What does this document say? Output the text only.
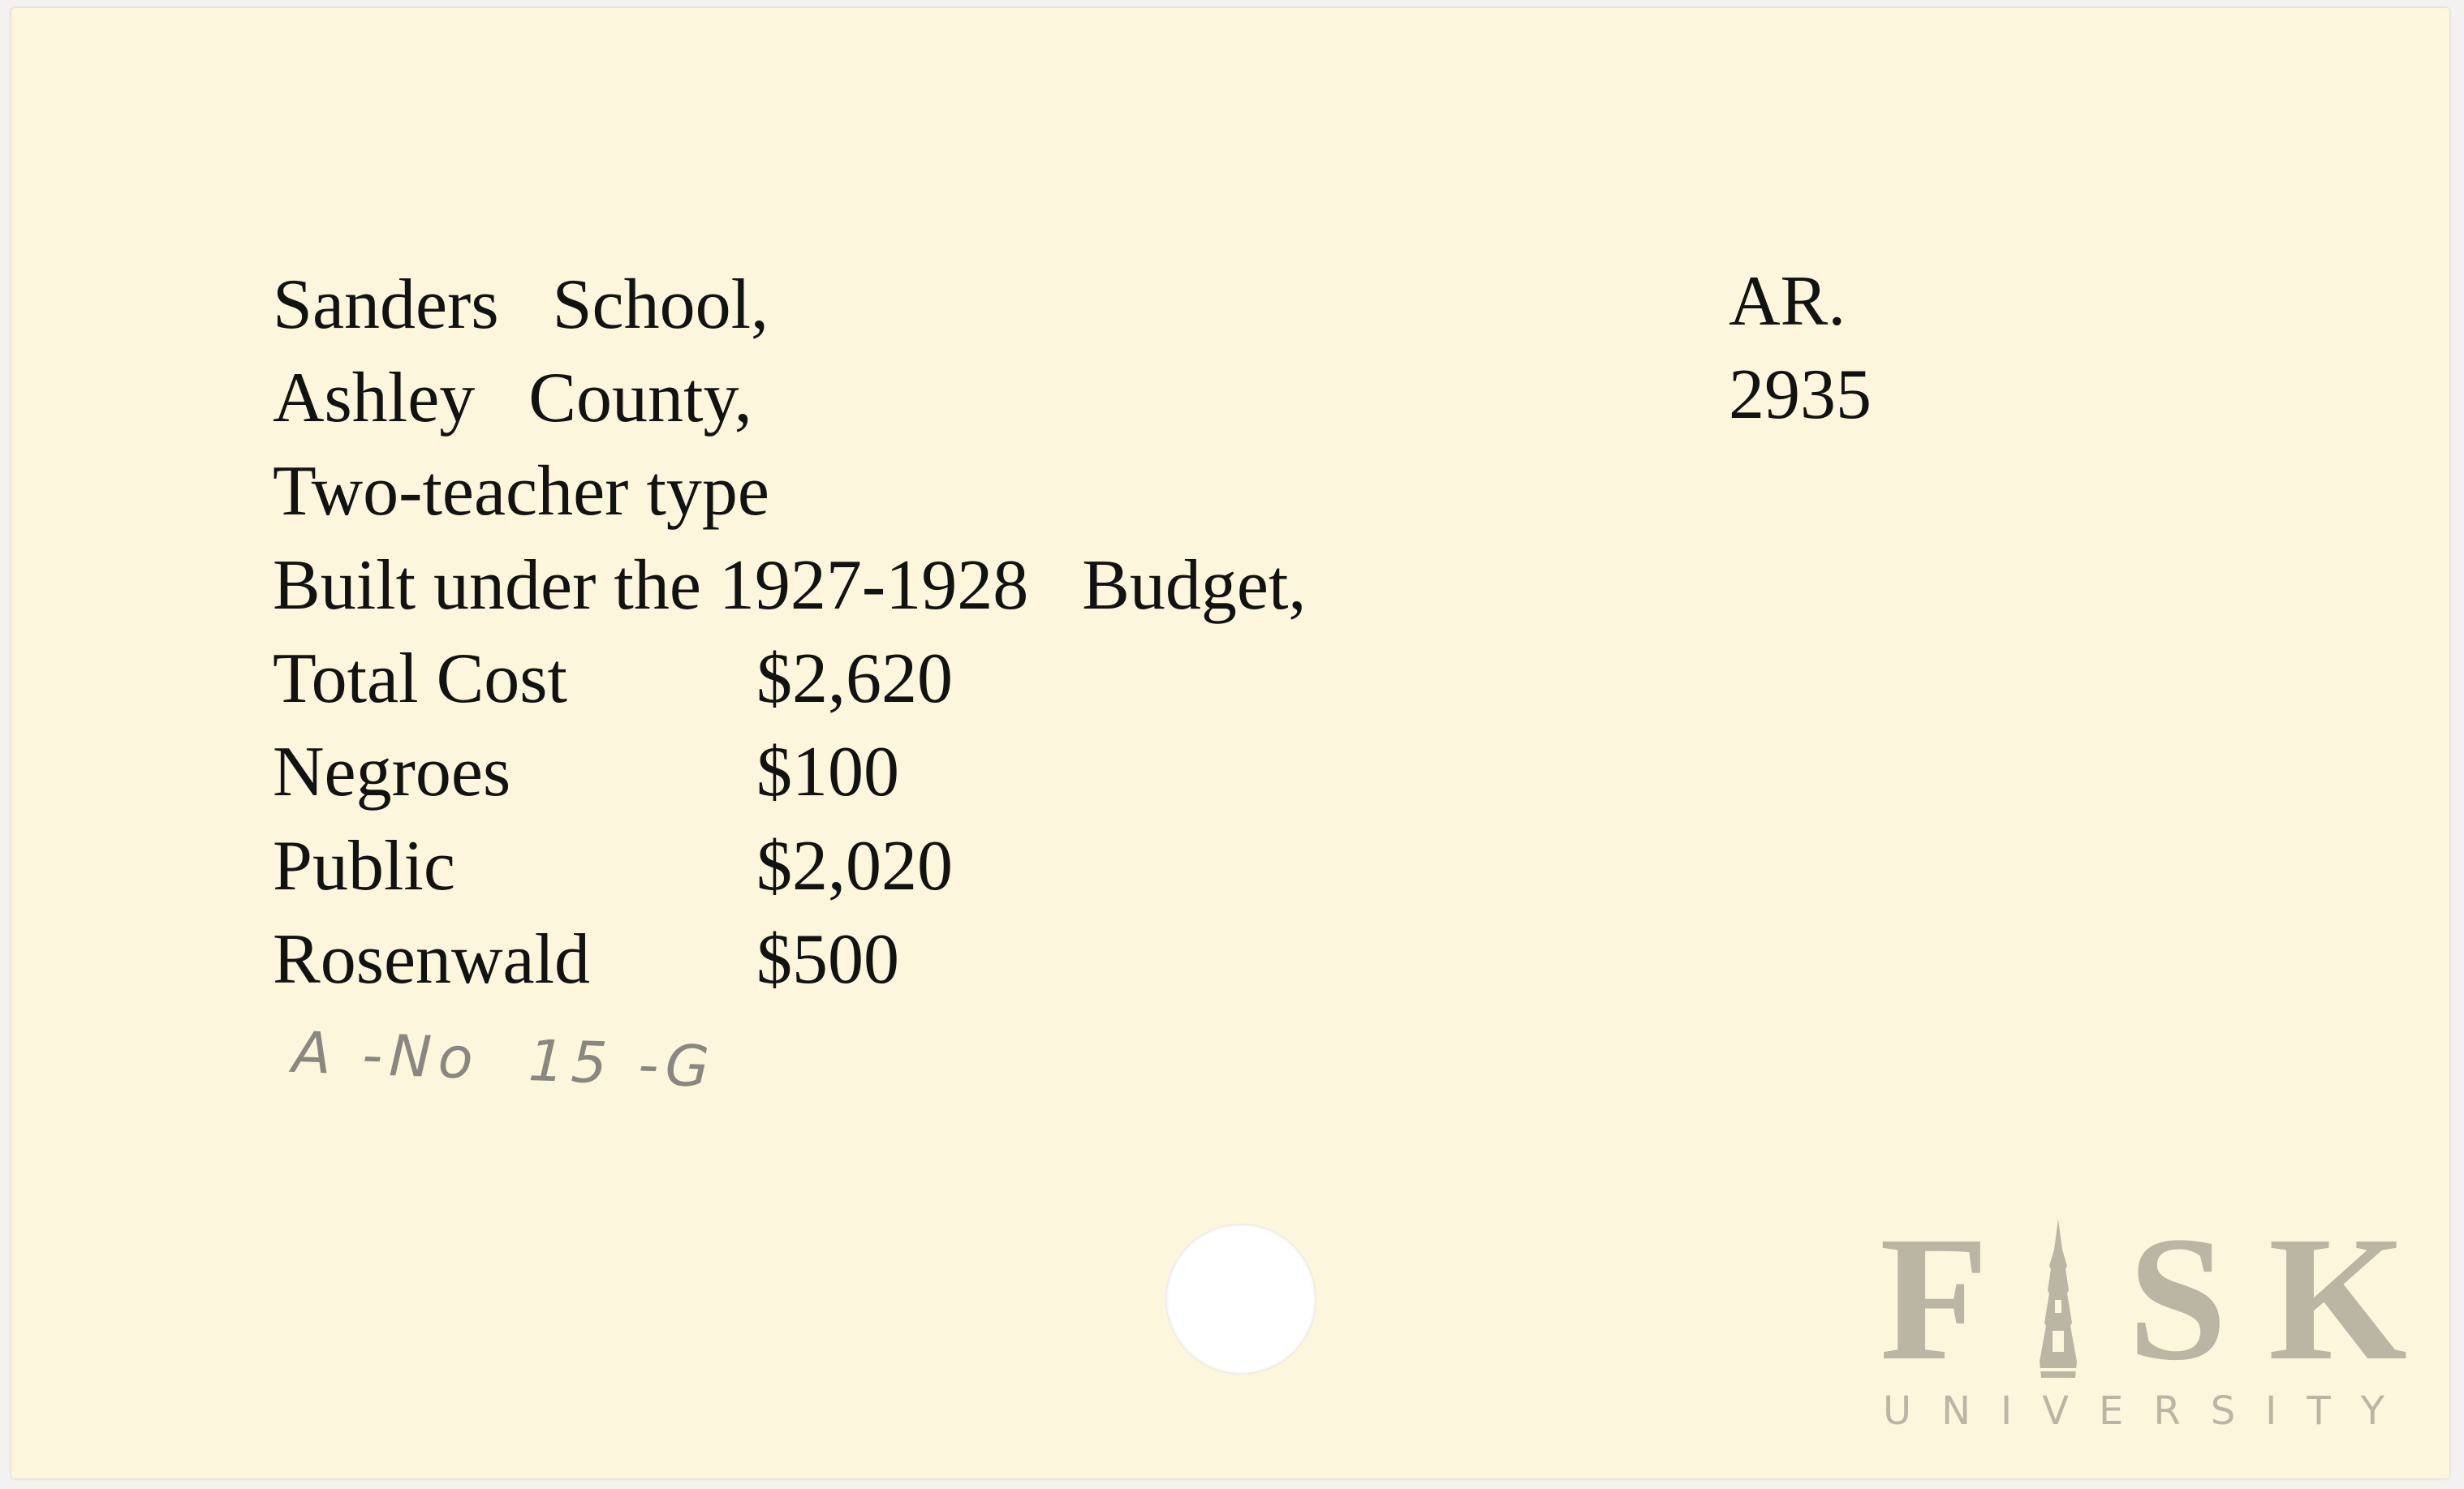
Sanders   School,
Ashley   County,
Two-teacher type
Built under the 1927-1928   Budget,
Total Cost	$2,620
Negroes	$100
Public	$2,020
Rosenwald $500
AR.
2935
A -No  15 -G
F S K
UNIVERSITY
